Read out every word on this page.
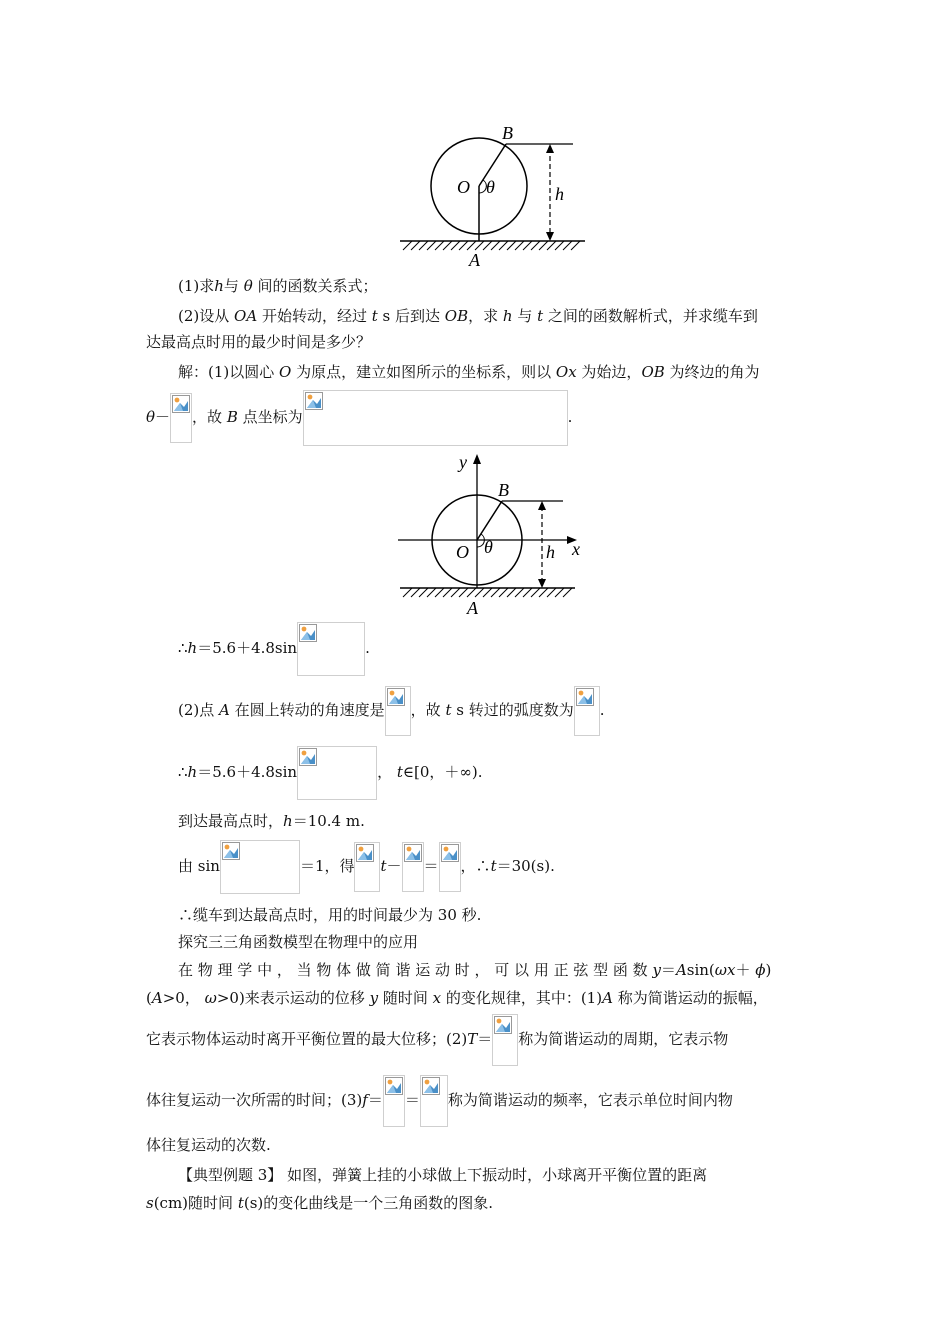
B
O θ	h
A
(1)求h与 θ 间的函数关系式；
(2)设从 OA 开始转动，经过 t s 后到达 OB，求 h 与 t 之间的函数解析式，并求缆车到
达最高点时用的最少时间是多少？
解：(1)以圆心 O 为原点，建立如图所示的坐标系，则以 Ox 为始边，OB 为终边的角为
θ－ ，故 B 点坐标为	.
y
x
B
O θ	h
A
∴h＝5.6＋4.8sin	.
(2)点 A 在圆上转动的角速度是 ，故 t s 转过的弧度数为 .
∴h＝5.6＋4.8sin	， t∈[0，＋∞).
到达最高点时，h＝10.4 m.
由 sin	＝1，得 t－ ＝ ，∴t＝30(s).
∴缆车到达最高点时，用的时间最少为 30 秒.
探究三三角函数模型在物理中的应用
在 物 理 学 中 ， 当 物 体 做 简 谐 运 动 时 ， 可 以 用 正 弦 型 函 数 y＝Asin(ωx＋ ϕ)
(A>0， ω>0)来表示运动的位移 y 随时间 x 的变化规律，其中：(1)A 称为简谐运动的振幅，
它表示物体运动时离开平衡位置的最大位移；(2)T＝ 称为简谐运动的周期，它表示物
体往复运动一次所需的时间；(3)f＝ ＝ 称为简谐运动的频率，它表示单位时间内物
体往复运动的次数.
【典型例题 3】 如图，弹簧上挂的小球做上下振动时，小球离开平衡位置的距离
s(cm)随时间 t(s)的变化曲线是一个三角函数的图象.
